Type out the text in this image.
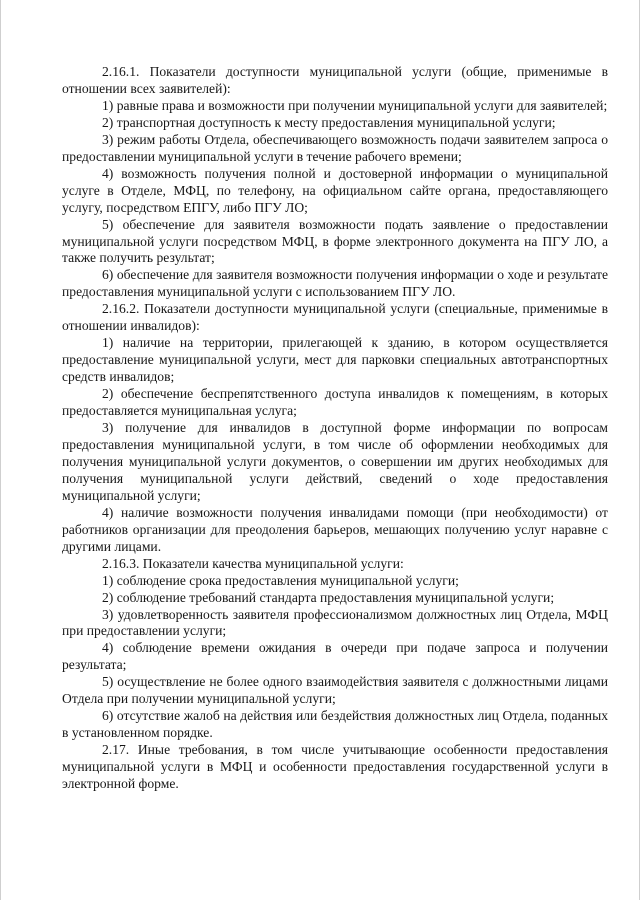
2.16.1. Показатели доступности муниципальной услуги (общие, применимые в отношении всех заявителей):

1) равные права и возможности при получении муниципальной услуги для заявителей;

2) транспортная доступность к месту предоставления муниципальной услуги;

3) режим работы Отдела, обеспечивающего возможность подачи заявителем запроса о предоставлении муниципальной услуги в течение рабочего времени;

4) возможность получения полной и достоверной информации о муниципальной услуге в Отделе, МФЦ, по телефону, на официальном сайте органа, предоставляющего услугу, посредством ЕПГУ, либо ПГУ ЛО;

5) обеспечение для заявителя возможности подать заявление о предоставлении муниципальной услуги посредством МФЦ, в форме электронного документа на ПГУ ЛО, а также получить результат;

6) обеспечение для заявителя возможности получения информации о ходе и результате предоставления муниципальной услуги с использованием ПГУ ЛО.

2.16.2. Показатели доступности муниципальной услуги (специальные, применимые в отношении инвалидов):

1) наличие на территории, прилегающей к зданию, в котором осуществляется предоставление муниципальной услуги, мест для парковки специальных автотранспортных средств инвалидов;

2) обеспечение беспрепятственного доступа инвалидов к помещениям, в которых предоставляется муниципальная услуга;

3) получение для инвалидов в доступной форме информации по вопросам предоставления муниципальной услуги, в том числе об оформлении необходимых для получения муниципальной услуги документов, о совершении им других необходимых для получения муниципальной услуги действий, сведений о ходе предоставления муниципальной услуги;

4) наличие возможности получения инвалидами помощи (при необходимости) от работников организации для преодоления барьеров, мешающих получению услуг наравне с другими лицами.

2.16.3. Показатели качества муниципальной услуги:

1) соблюдение срока предоставления муниципальной услуги;

2) соблюдение требований стандарта предоставления муниципальной услуги;

3) удовлетворенность заявителя профессионализмом должностных лиц Отдела, МФЦ при предоставлении услуги;

4) соблюдение времени ожидания в очереди при подаче запроса и получении результата;

5) осуществление не более одного взаимодействия заявителя с должностными лицами Отдела при получении муниципальной услуги;

6) отсутствие жалоб на действия или бездействия должностных лиц Отдела, поданных в установленном порядке.

2.17. Иные требования, в том числе учитывающие особенности предоставления муниципальной услуги в МФЦ и особенности предоставления государственной услуги в электронной форме.
